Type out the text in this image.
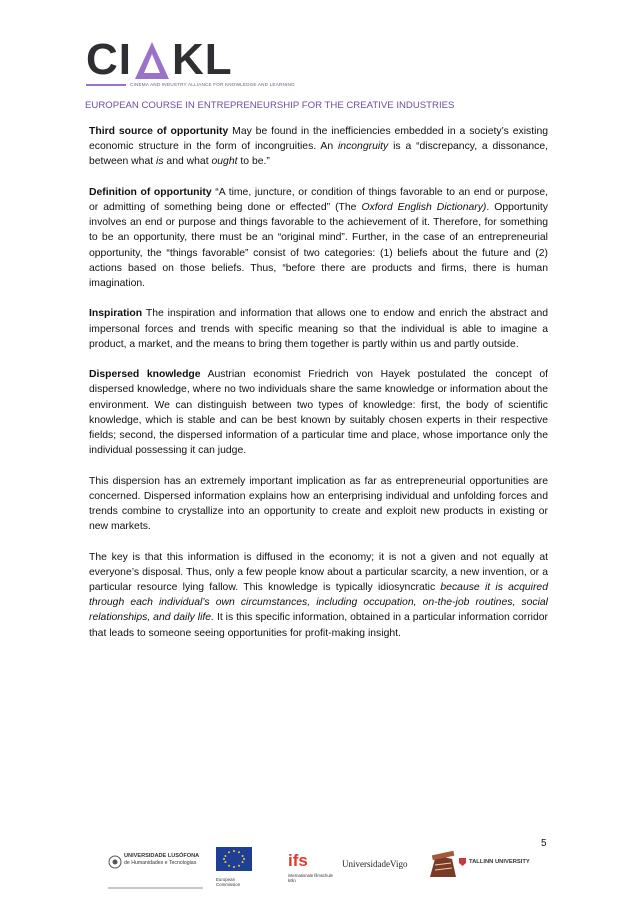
C I	A K L
CINEMA AND INDUSTRY ALLIANCE FOR KNOWLEDGE AND LEARNING
EUROPEAN COURSE IN ENTREPRENEURSHIP FOR THE CREATIVE INDUSTRIES

Third source of opportunity May be found in the inefficiencies embedded in a society’s existing economic structure in the form of incongruities. An incongruity is a “discrepancy, a dissonance, between what is and what ought to be.”

Definition of opportunity “A time, juncture, or condition of things favorable to an end or purpose, or admitting of something being done or effected” (The Oxford English Dictionary). Opportunity involves an end or purpose and things favorable to the achievement of it. Therefore, for something to be an opportunity, there must be an “original mind”. Further, in the case of an entrepreneurial opportunity, the “things favorable” consist of two categories: (1) beliefs about the future and (2) actions based on those beliefs. Thus, “before there are products and firms, there is human imagination.

Inspiration The inspiration and information that allows one to endow and enrich the abstract and impersonal forces and trends with specific meaning so that the individual is able to imagine a product, a market, and the means to bring them together is partly within us and partly outside.

Dispersed knowledge Austrian economist Friedrich von Hayek postulated the concept of dispersed knowledge, where no two individuals share the same knowledge or information about the environment. We can distinguish between two types of knowledge: first, the body of scientific knowledge, which is stable and can be best known by suitably chosen experts in their respective fields; second, the dispersed information of a particular time and place, whose importance only the individual possessing it can judge.

This dispersion has an extremely important implication as far as entrepreneurial opportunities are concerned. Dispersed information explains how an enterprising individual and unfolding forces and trends combine to crystallize into an opportunity to create and exploit new products in existing or new markets.

The key is that this information is diffused in the economy; it is not a given and not equally at everyone’s disposal. Thus, only a few people know about a particular scarcity, a new invention, or a particular resource lying fallow. This knowledge is typically idiosyncratic because it is acquired through each individual’s own circumstances, including occupation, on-the-job routines, social relationships, and daily life. It is this specific information, obtained in a particular information corridor that leads to someone seeing opportunities for profit-making insight.

5
UNIVERSIDADE LUSÓFONA
de Humanidades e Tecnologias
European Commission
ifs
internationale filmschule köln
UniversidadeVigo	TALLINN UNIVERSITY
